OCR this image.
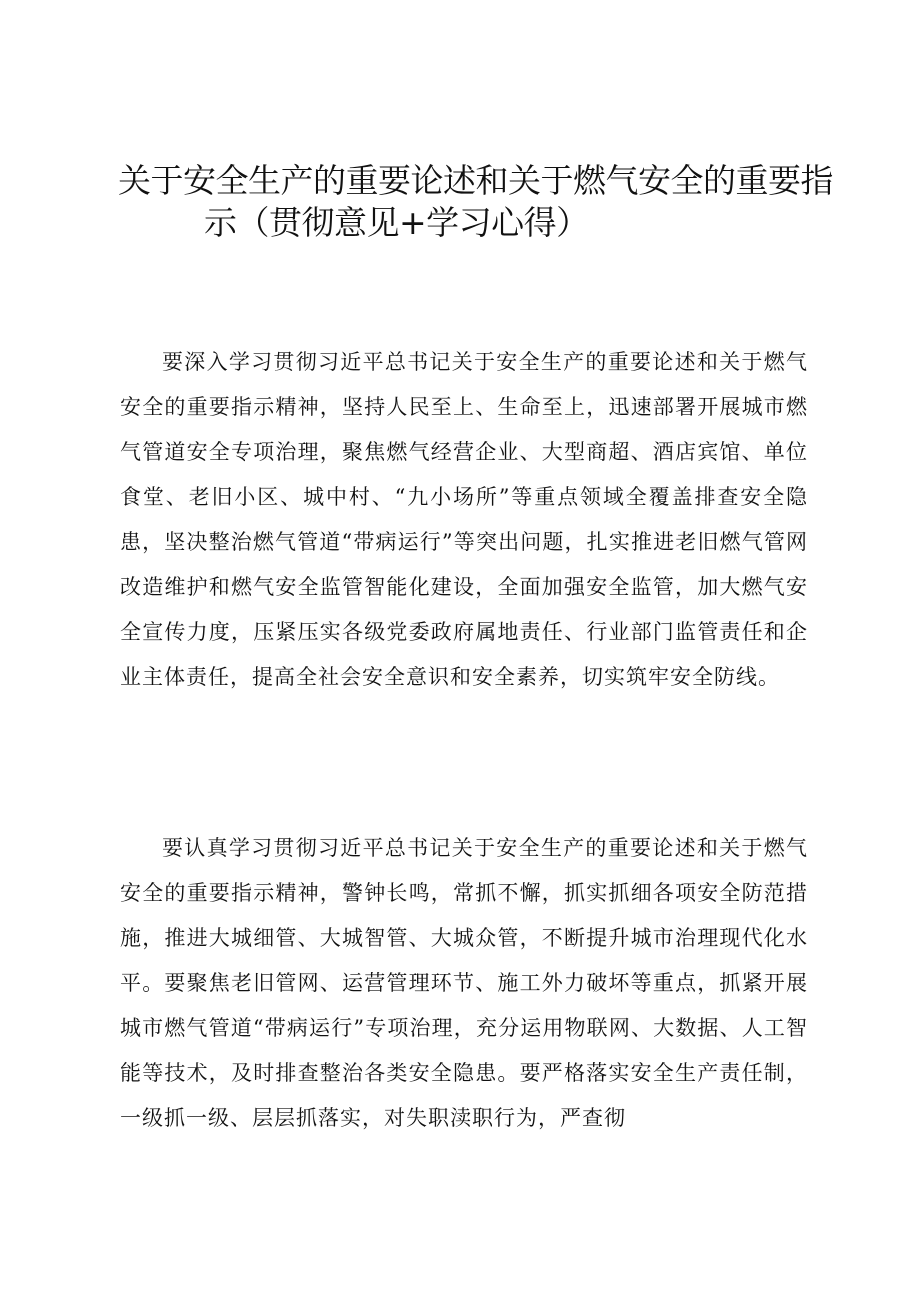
关于安全生产的重要论述和关于燃气安全的重要指
示（贯彻意见+学习心得）

要深入学习贯彻习近平总书记关于安全生产的重要论述和关于燃气安全的重要指示精神，坚持人民至上、生命至上，迅速部署开展城市燃气管道安全专项治理，聚焦燃气经营企业、大型商超、酒店宾馆、单位食堂、老旧小区、城中村、“九小场所”等重点领域全覆盖排查安全隐患，坚决整治燃气管道“带病运行”等突出问题，扎实推进老旧燃气管网改造维护和燃气安全监管智能化建设，全面加强安全监管，加大燃气安全宣传力度，压紧压实各级党委政府属地责任、行业部门监管责任和企业主体责任，提高全社会安全意识和安全素养，切实筑牢安全防线。

要认真学习贯彻习近平总书记关于安全生产的重要论述和关于燃气安全的重要指示精神，警钟长鸣，常抓不懈，抓实抓细各项安全防范措施，推进大城细管、大城智管、大城众管，不断提升城市治理现代化水平。要聚焦老旧管网、运营管理环节、施工外力破坏等重点，抓紧开展城市燃气管道“带病运行”专项治理，充分运用物联网、大数据、人工智能等技术，及时排查整治各类安全隐患。要严格落实安全生产责任制，一级抓一级、层层抓落实，对失职渎职行为，严查彻
